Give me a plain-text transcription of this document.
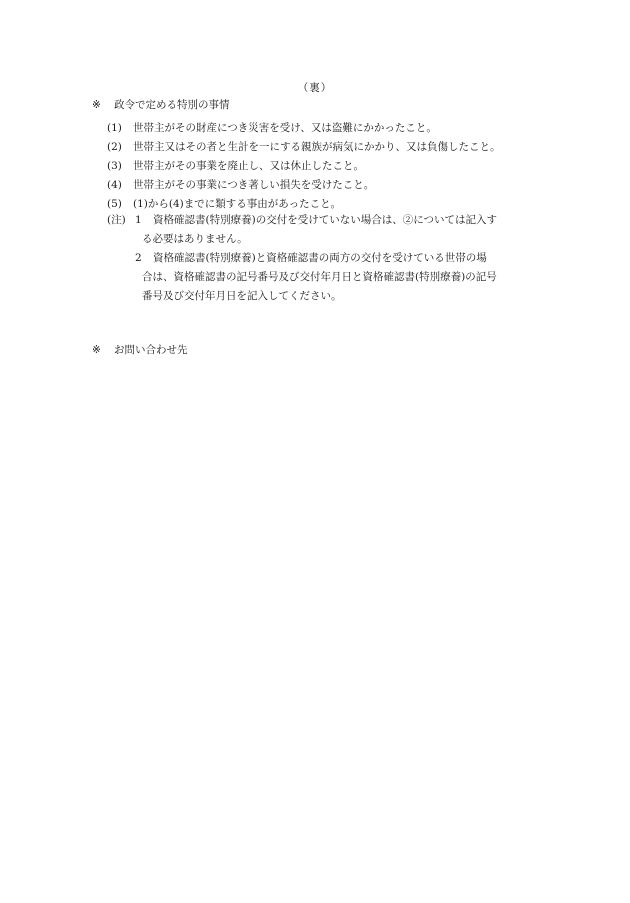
（裏）
※ 政令で定める特別の事情
(1) 世帯主がその財産につき災害を受け、又は盗難にかかったこと。
(2) 世帯主又はその者と生計を一にする親族が病気にかかり、又は負傷したこと。
(3) 世帯主がその事業を廃止し、又は休止したこと。
(4) 世帯主がその事業につき著しい損失を受けたこと。
(5) (1)から(4)までに類する事由があったこと。
(注) 1 資格確認書(特別療養)の交付を受けていない場合は、②については記入す
る必要はありません。
2 資格確認書(特別療養)と資格確認書の両方の交付を受けている世帯の場
合は、資格確認書の記号番号及び交付年月日と資格確認書(特別療養)の記号
番号及び交付年月日を記入してください。
※ お問い合わせ先
